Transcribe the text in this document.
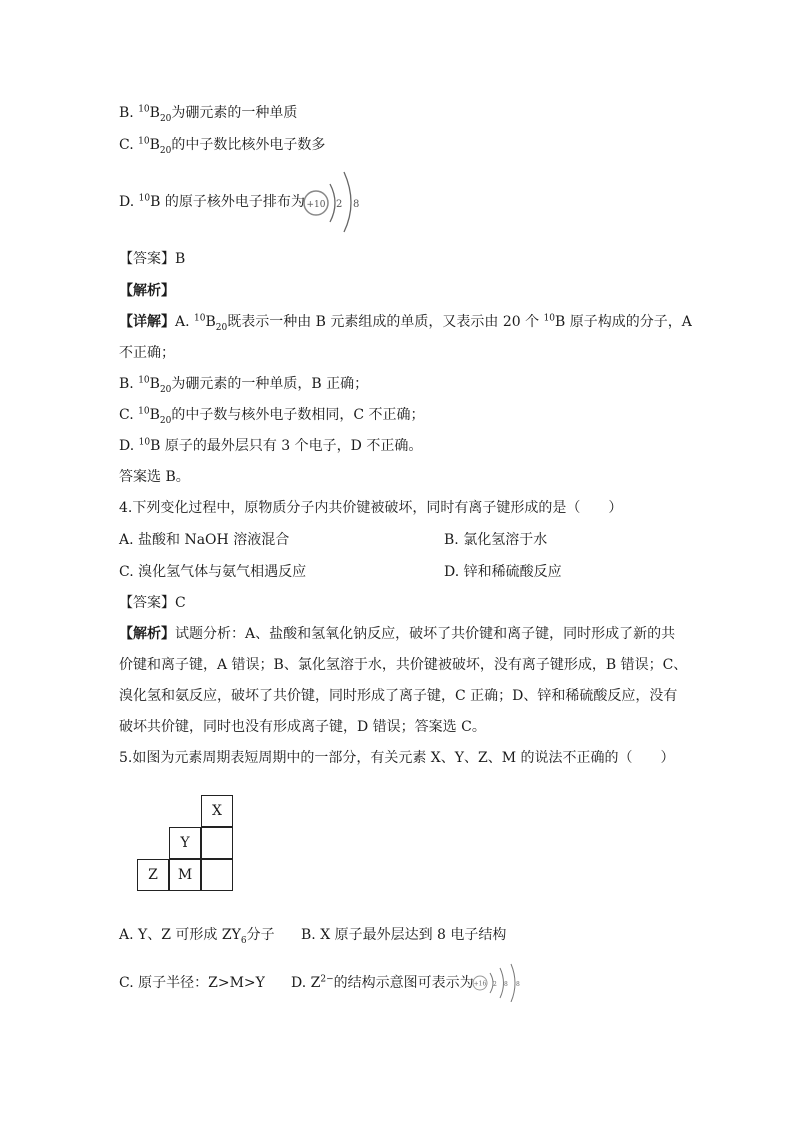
B. $^{10}B_{20}$为硼元素的一种单质
C. $^{10}B_{20}$的中子数比核外电子数多
D. $^{10}$B 的原子核外电子排布为 +10 2 8
【答案】B
【解析】
【详解】A. $^{10}B_{20}$既表示一种由 B 元素组成的单质，又表示由 20 个 $^{10}$B 原子构成的分子，A
不正确；
B. $^{10}B_{20}$为硼元素的一种单质，B 正确；
C. $^{10}B_{20}$的中子数与核外电子数相同，C 不正确；
D. $^{10}$B 原子的最外层只有 3 个电子，D 不正确。
答案选 B。
4.下列变化过程中，原物质分子内共价键被破坏，同时有离子键形成的是（　　）
A. 盐酸和 NaOH 溶液混合	B. 氯化氢溶于水
C. 溴化氢气体与氨气相遇反应	D. 锌和稀硫酸反应
【答案】C
【解析】试题分析：A、盐酸和氢氧化钠反应，破坏了共价键和离子键，同时形成了新的共
价键和离子键，A 错误；B、氯化氢溶于水，共价键被破坏，没有离子键形成，B 错误；C、
溴化氢和氨反应，破坏了共价键，同时形成了离子键，C 正确；D、锌和稀硫酸反应，没有
破坏共价键，同时也没有形成离子键，D 错误；答案选 C。
5.如图为元素周期表短周期中的一部分，有关元素 X、Y、Z、M 的说法不正确的（　　）
X
Y
Z	M
A. Y、Z 可形成 $ZY_6$分子 B. X 原子最外层达到 8 电子结构
C. 原子半径：Z>M>Y D. $Z^{2-}$的结构示意图可表示为 +16 2 8 8
